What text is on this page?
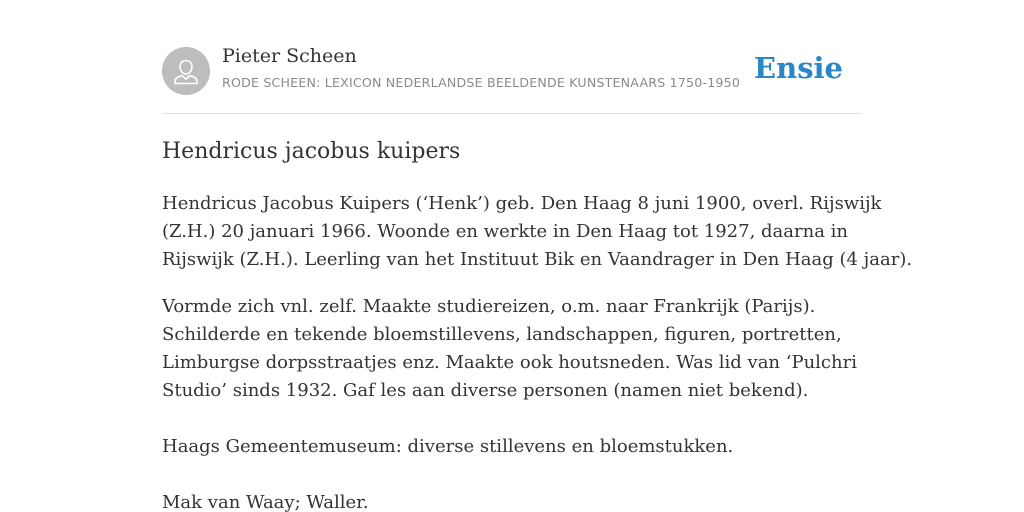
Pieter Scheen
RODE SCHEEN: LEXICON NEDERLANDSE BEELDENDE KUNSTENAARS 1750-1950 Ensie
Hendricus jacobus kuipers

Hendricus Jacobus Kuipers (‘Henk’) geb. Den Haag 8 juni 1900, overl. Rijswijk
(Z.H.) 20 januari 1966. Woonde en werkte in Den Haag tot 1927, daarna in
Rijswijk (Z.H.). Leerling van het Instituut Bik en Vaandrager in Den Haag (4 jaar).

Vormde zich vnl. zelf. Maakte studiereizen, o.m. naar Frankrijk (Parijs).
Schilderde en tekende bloemstillevens, landschappen, figuren, portretten,
Limburgse dorpsstraatjes enz. Maakte ook houtsneden. Was lid van ‘Pulchri
Studio’ sinds 1932. Gaf les aan diverse personen (namen niet bekend).

Haags Gemeentemuseum: diverse stillevens en bloemstukken.

Mak van Waay; Waller.
